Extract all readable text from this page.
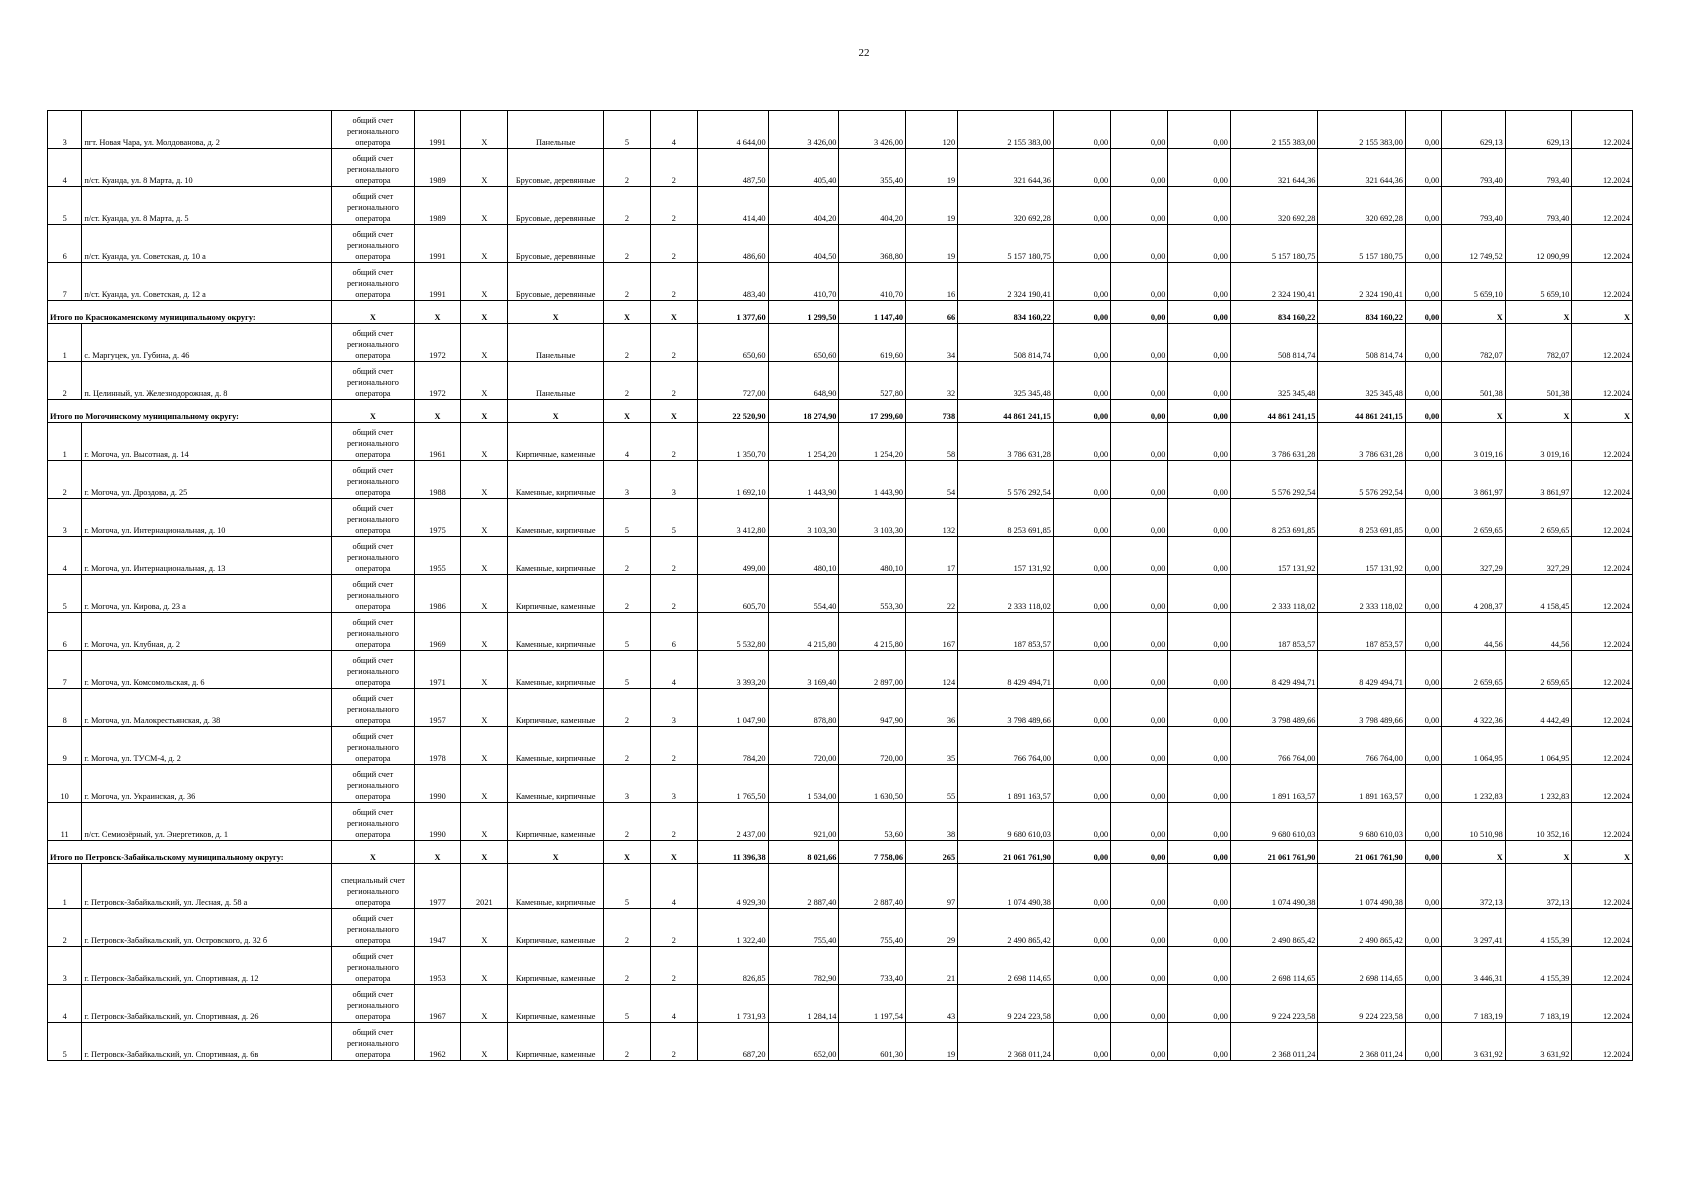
22
3	пгт. Новая Чара, ул. Молдованова, д. 2	общий счет регионального оператора	1991	Х	Панельные	5	4	4 644,00	3 426,00	3 426,00	120	2 155 383,00	0,00	0,00	0,00	2 155 383,00	2 155 383,00	0,00	629,13	629,13	12.2024
4	п/ст. Куанда, ул. 8 Марта, д. 10	общий счет регионального оператора	1989	Х	Брусовые, деревянные	2	2	487,50	405,40	355,40	19	321 644,36	0,00	0,00	0,00	321 644,36	321 644,36	0,00	793,40	793,40	12.2024
5	п/ст. Куанда, ул. 8 Марта, д. 5	общий счет регионального оператора	1989	Х	Брусовые, деревянные	2	2	414,40	404,20	404,20	19	320 692,28	0,00	0,00	0,00	320 692,28	320 692,28	0,00	793,40	793,40	12.2024
6	п/ст. Куанда, ул. Советская, д. 10 а	общий счет регионального оператора	1991	Х	Брусовые, деревянные	2	2	486,60	404,50	368,80	19	5 157 180,75	0,00	0,00	0,00	5 157 180,75	5 157 180,75	0,00	12 749,52	12 090,99	12.2024
7	п/ст. Куанда, ул. Советская, д. 12 а	общий счет регионального оператора	1991	Х	Брусовые, деревянные	2	2	483,40	410,70	410,70	16	2 324 190,41	0,00	0,00	0,00	2 324 190,41	2 324 190,41	0,00	5 659,10	5 659,10	12.2024
Итого по Краснокаменскому муниципальному округу:		Х	Х	Х	Х	Х	Х	1 377,60	1 299,50	1 147,40	66	834 160,22	0,00	0,00	0,00	834 160,22	834 160,22	0,00	Х	Х	Х
1	с. Маргуцек, ул. Губина, д. 46	общий счет регионального оператора	1972	Х	Панельные	2	2	650,60	650,60	619,60	34	508 814,74	0,00	0,00	0,00	508 814,74	508 814,74	0,00	782,07	782,07	12.2024
2	п. Целинный, ул. Железнодорожная, д. 8	общий счет регионального оператора	1972	Х	Панельные	2	2	727,00	648,90	527,80	32	325 345,48	0,00	0,00	0,00	325 345,48	325 345,48	0,00	501,38	501,38	12.2024
Итого по Могочинскому муниципальному округу:		Х	Х	Х	Х	Х	Х	22 520,90	18 274,90	17 299,60	738	44 861 241,15	0,00	0,00	0,00	44 861 241,15	44 861 241,15	0,00	Х	Х	Х
1	г. Могоча, ул. Высотная, д. 14	общий счет регионального оператора	1961	Х	Кирпичные, каменные	4	2	1 350,70	1 254,20	1 254,20	58	3 786 631,28	0,00	0,00	0,00	3 786 631,28	3 786 631,28	0,00	3 019,16	3 019,16	12.2024
2	г. Могоча, ул. Дроздова, д. 25	общий счет регионального оператора	1988	Х	Каменные, кирпичные	3	3	1 692,10	1 443,90	1 443,90	54	5 576 292,54	0,00	0,00	0,00	5 576 292,54	5 576 292,54	0,00	3 861,97	3 861,97	12.2024
3	г. Могоча, ул. Интернациональная, д. 10	общий счет регионального оператора	1975	Х	Каменные, кирпичные	5	5	3 412,80	3 103,30	3 103,30	132	8 253 691,85	0,00	0,00	0,00	8 253 691,85	8 253 691,85	0,00	2 659,65	2 659,65	12.2024
4	г. Могоча, ул. Интернациональная, д. 13	общий счет регионального оператора	1955	Х	Каменные, кирпичные	2	2	499,00	480,10	480,10	17	157 131,92	0,00	0,00	0,00	157 131,92	157 131,92	0,00	327,29	327,29	12.2024
5	г. Могоча, ул. Кирова, д. 23 а	общий счет регионального оператора	1986	Х	Кирпичные, каменные	2	2	605,70	554,40	553,30	22	2 333 118,02	0,00	0,00	0,00	2 333 118,02	2 333 118,02	0,00	4 208,37	4 158,45	12.2024
6	г. Могоча, ул. Клубная, д. 2	общий счет регионального оператора	1969	Х	Каменные, кирпичные	5	6	5 532,80	4 215,80	4 215,80	167	187 853,57	0,00	0,00	0,00	187 853,57	187 853,57	0,00	44,56	44,56	12.2024
7	г. Могоча, ул. Комсомольская, д. 6	общий счет регионального оператора	1971	Х	Каменные, кирпичные	5	4	3 393,20	3 169,40	2 897,00	124	8 429 494,71	0,00	0,00	0,00	8 429 494,71	8 429 494,71	0,00	2 659,65	2 659,65	12.2024
8	г. Могоча, ул. Малокрестьянская, д. 38	общий счет регионального оператора	1957	Х	Кирпичные, каменные	2	3	1 047,90	878,80	947,90	36	3 798 489,66	0,00	0,00	0,00	3 798 489,66	3 798 489,66	0,00	4 322,36	4 442,49	12.2024
9	г. Могоча, ул. ТУСМ-4, д. 2	общий счет регионального оператора	1978	Х	Каменные, кирпичные	2	2	784,20	720,00	720,00	35	766 764,00	0,00	0,00	0,00	766 764,00	766 764,00	0,00	1 064,95	1 064,95	12.2024
10	г. Могоча, ул. Украинская, д. 36	общий счет регионального оператора	1990	Х	Каменные, кирпичные	3	3	1 765,50	1 534,00	1 630,50	55	1 891 163,57	0,00	0,00	0,00	1 891 163,57	1 891 163,57	0,00	1 232,83	1 232,83	12.2024
11	п/ст. Семиозёрный, ул. Энергетиков, д. 1	общий счет регионального оператора	1990	Х	Кирпичные, каменные	2	2	2 437,00	921,00	53,60	38	9 680 610,03	0,00	0,00	0,00	9 680 610,03	9 680 610,03	0,00	10 510,98	10 352,16	12.2024
Итого по Петровск-Забайкальскому муниципальному округу:		Х	Х	Х	Х	Х	Х	11 396,38	8 021,66	7 758,06	265	21 061 761,90	0,00	0,00	0,00	21 061 761,90	21 061 761,90	0,00	Х	Х	Х
1	г. Петровск-Забайкальский, ул. Лесная, д. 58 а	специальный счет регионального оператора	1977	2021	Каменные, кирпичные	5	4	4 929,30	2 887,40	2 887,40	97	1 074 490,38	0,00	0,00	0,00	1 074 490,38	1 074 490,38	0,00	372,13	372,13	12.2024
2	г. Петровск-Забайкальский, ул. Островского, д. 32 б	общий счет регионального оператора	1947	Х	Кирпичные, каменные	2	2	1 322,40	755,40	755,40	29	2 490 865,42	0,00	0,00	0,00	2 490 865,42	2 490 865,42	0,00	3 297,41	4 155,39	12.2024
3	г. Петровск-Забайкальский, ул. Спортивная, д. 12	общий счет регионального оператора	1953	Х	Кирпичные, каменные	2	2	826,85	782,90	733,40	21	2 698 114,65	0,00	0,00	0,00	2 698 114,65	2 698 114,65	0,00	3 446,31	4 155,39	12.2024
4	г. Петровск-Забайкальский, ул. Спортивная, д. 26	общий счет регионального оператора	1967	Х	Кирпичные, каменные	5	4	1 731,93	1 284,14	1 197,54	43	9 224 223,58	0,00	0,00	0,00	9 224 223,58	9 224 223,58	0,00	7 183,19	7 183,19	12.2024
5	г. Петровск-Забайкальский, ул. Спортивная, д. 6в	общий счет регионального оператора	1962	Х	Кирпичные, каменные	2	2	687,20	652,00	601,30	19	2 368 011,24	0,00	0,00	0,00	2 368 011,24	2 368 011,24	0,00	3 631,92	3 631,92	12.2024
